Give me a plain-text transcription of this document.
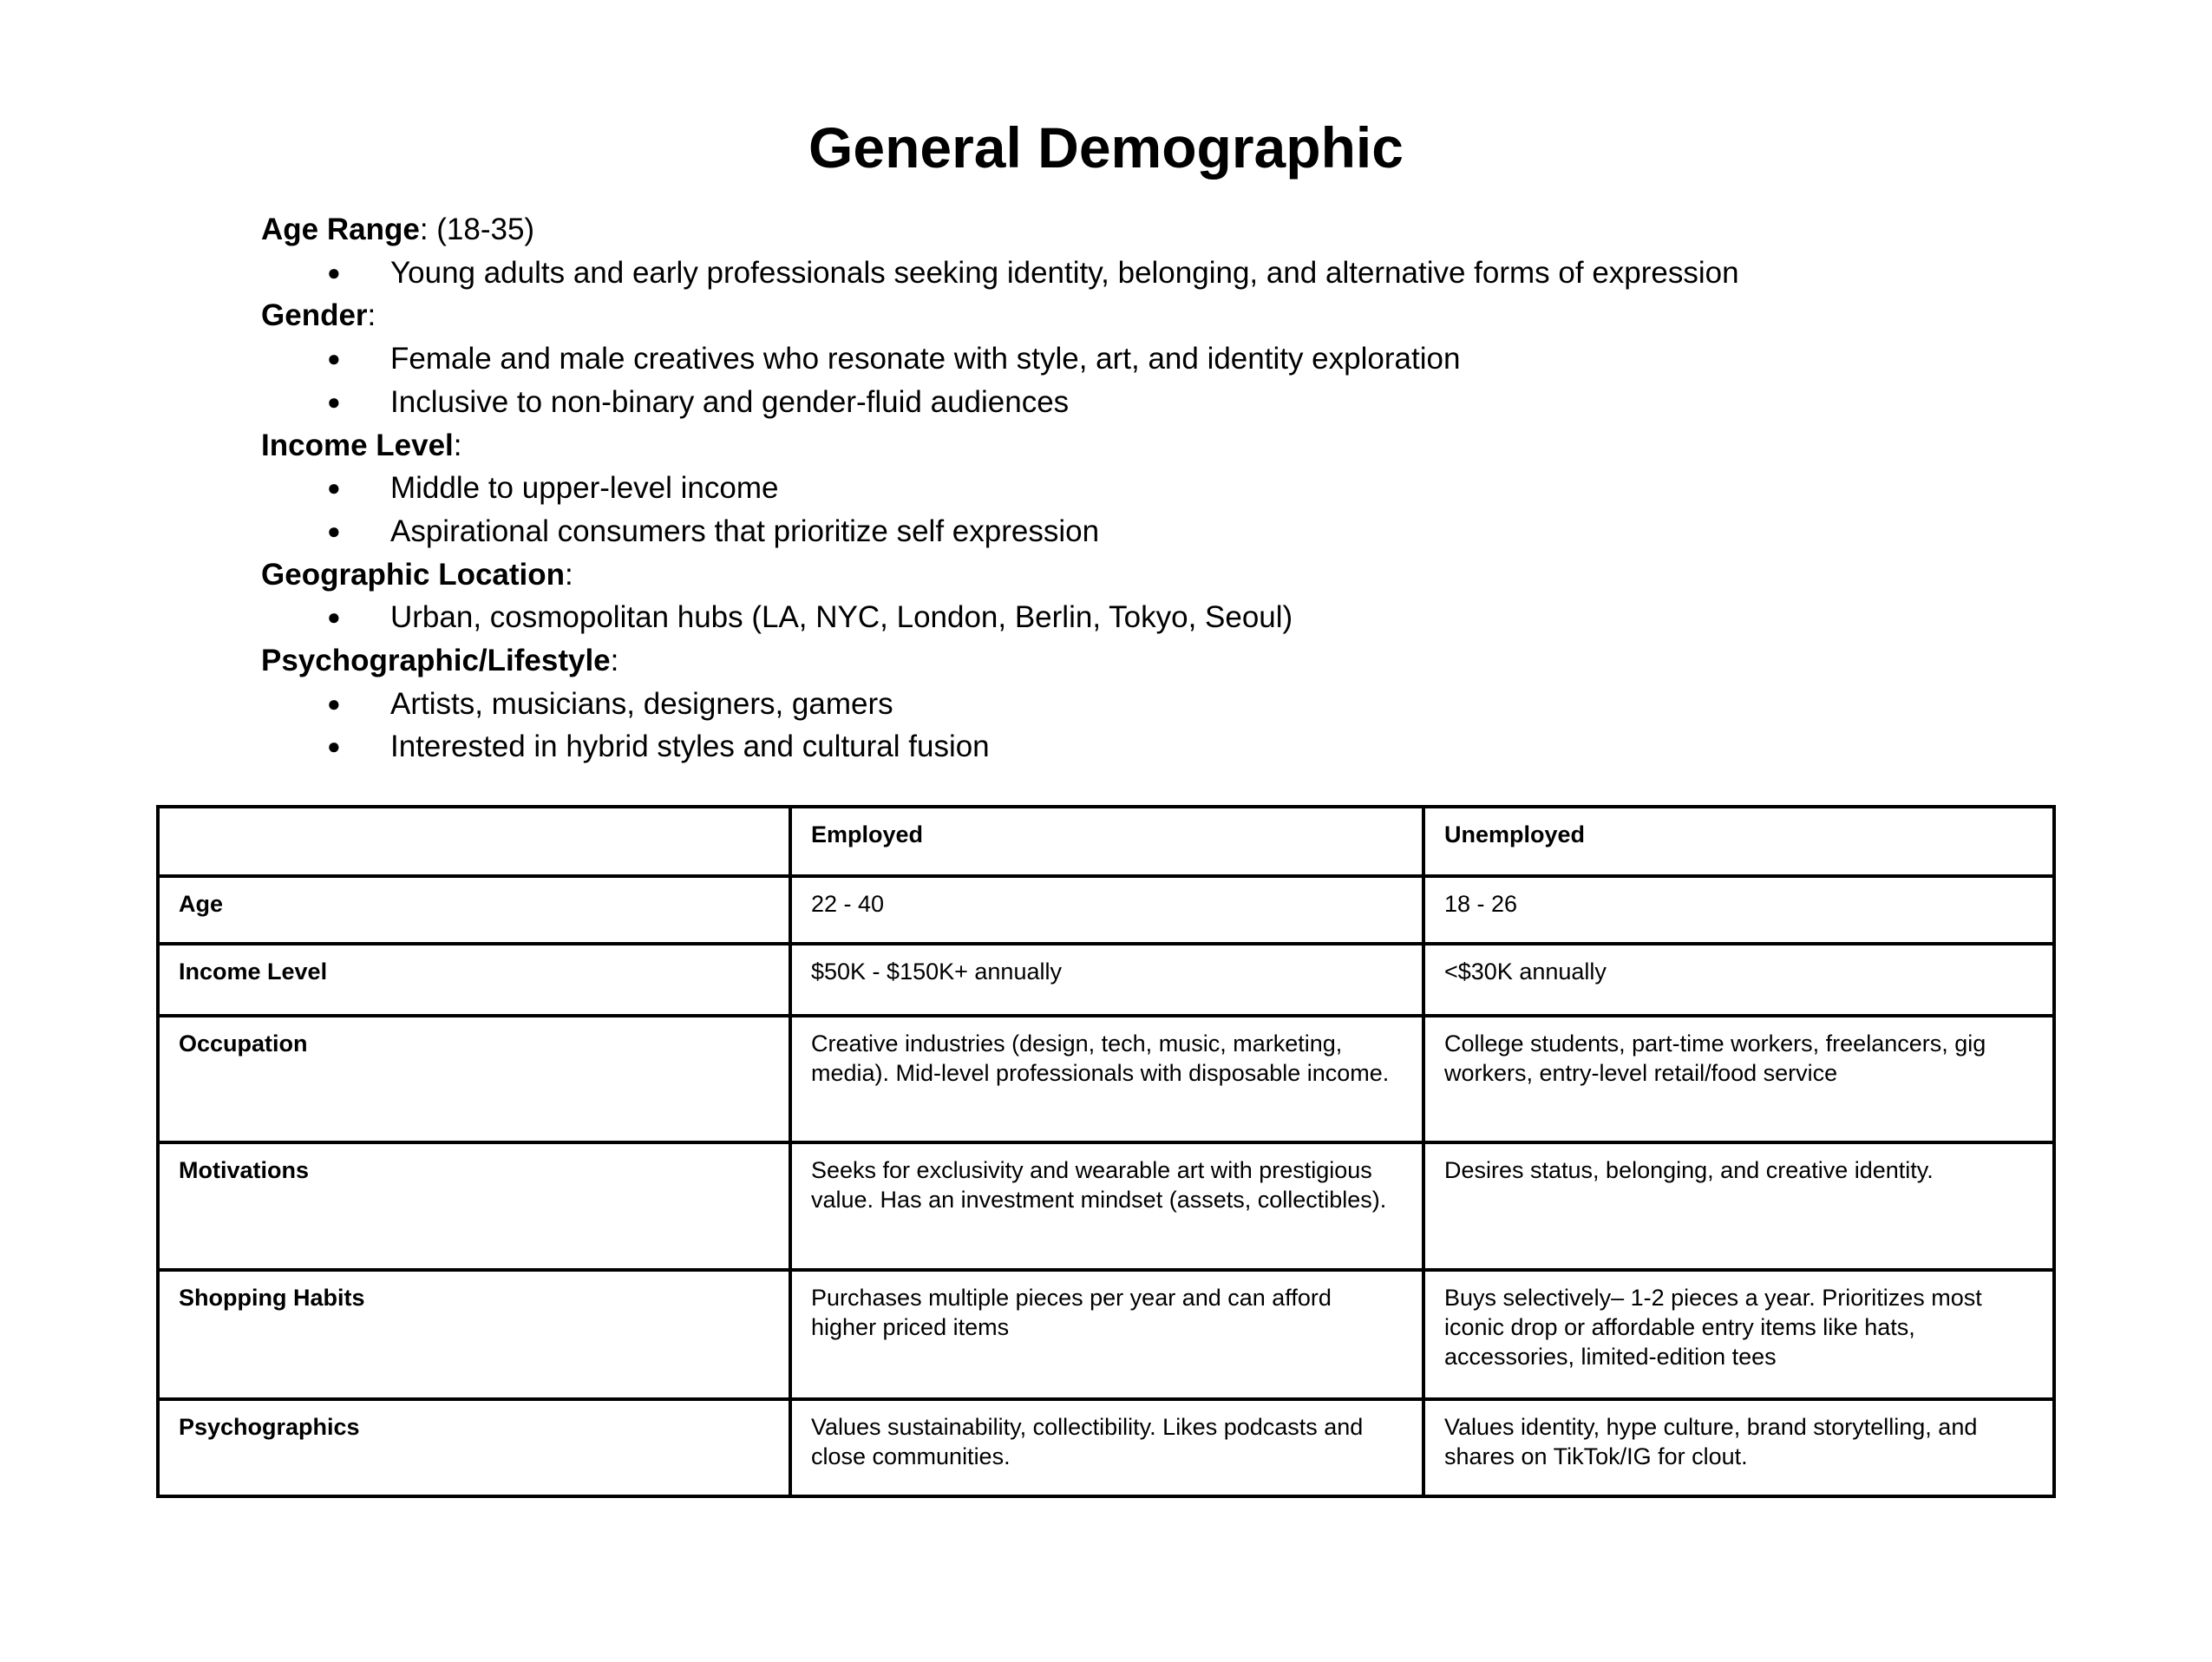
General Demographic
Age Range: (18-35)
● Young adults and early professionals seeking identity, belonging, and alternative forms of expression
Gender:
● Female and male creatives who resonate with style, art, and identity exploration
● Inclusive to non-binary and gender-fluid audiences
Income Level:
● Middle to upper-level income
● Aspirational consumers that prioritize self expression
Geographic Location:
● Urban, cosmopolitan hubs (LA, NYC, London, Berlin, Tokyo, Seoul)
Psychographic/Lifestyle:
● Artists, musicians, designers, gamers
● Interested in hybrid styles and cultural fusion
	Employed	Unemployed
Age	22 - 40	18 - 26
Income Level	$50K - $150K+ annually	<$30K annually
Occupation	Creative industries (design, tech, music, marketing, media). Mid-level professionals with disposable income.	College students, part-time workers, freelancers, gig workers, entry-level retail/food service
Motivations	Seeks for exclusivity and wearable art with prestigious value. Has an investment mindset (assets, collectibles).	Desires status, belonging, and creative identity.
Shopping Habits	Purchases multiple pieces per year and can afford higher priced items	Buys selectively– 1-2 pieces a year. Prioritizes most iconic drop or affordable entry items like hats, accessories, limited-edition tees
Psychographics	Values sustainability, collectibility. Likes podcasts and close communities.	Values identity, hype culture, brand storytelling, and shares on TikTok/IG for clout.
